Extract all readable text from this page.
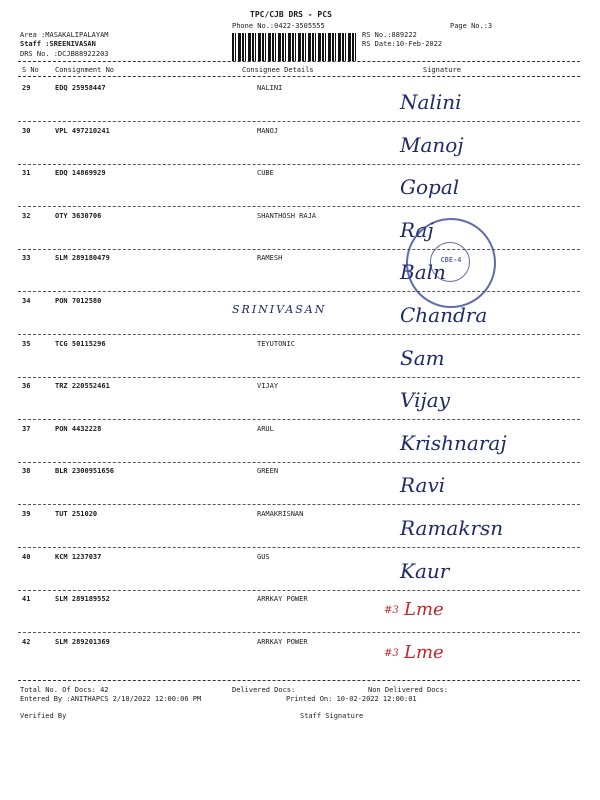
TPC/CJB DRS - PCS
Phone No.:0422-3505555	Page No.:3
Area :MASAKALIPALAYAM
Staff :SREENIVASAN
DRS No. :DCJB88922203
RS No.:889222
RS Date:10-Feb-2022
S No Consignment No	Consignee Details	Signature
29	EDQ 25958447	NALINI
Nalini
30	VPL 497210241	MANOJ
Manoj
31	EDQ 14869929	CUBE
Gopal
32	OTY 3630706	SHANTHOSH RAJA
Raj
33	SLM 289180479	RAMESH
Baln
34	PON 7012580
Chandra
35	TCG 50115296	TEYUTONIC
Sam
36	TRZ 220552461	VIJAY
Vijay
37	PON 4432228	ARUL
Krishnaraj
38	BLR 2300951656	GREEN
Ravi
39	TUT 251020	RAMAKRISNAN
Ramakrsn
40	KCM 1237037	GUS
Kaur
41	SLM 289189552	ARRKAY POWER
#3 Lme
42	SLM 289201369	ARRKAY POWER
#3 Lme
SRINIVASAN
CBE-4
Total No. Of Docs: 42	Delivered Docs:	Non Delivered Docs:
Entered By :ANITHAPCS 2/10/2022 12:00:06 PM	Printed On: 10-02-2022 12:00:01
Verified By	Staff Signature
